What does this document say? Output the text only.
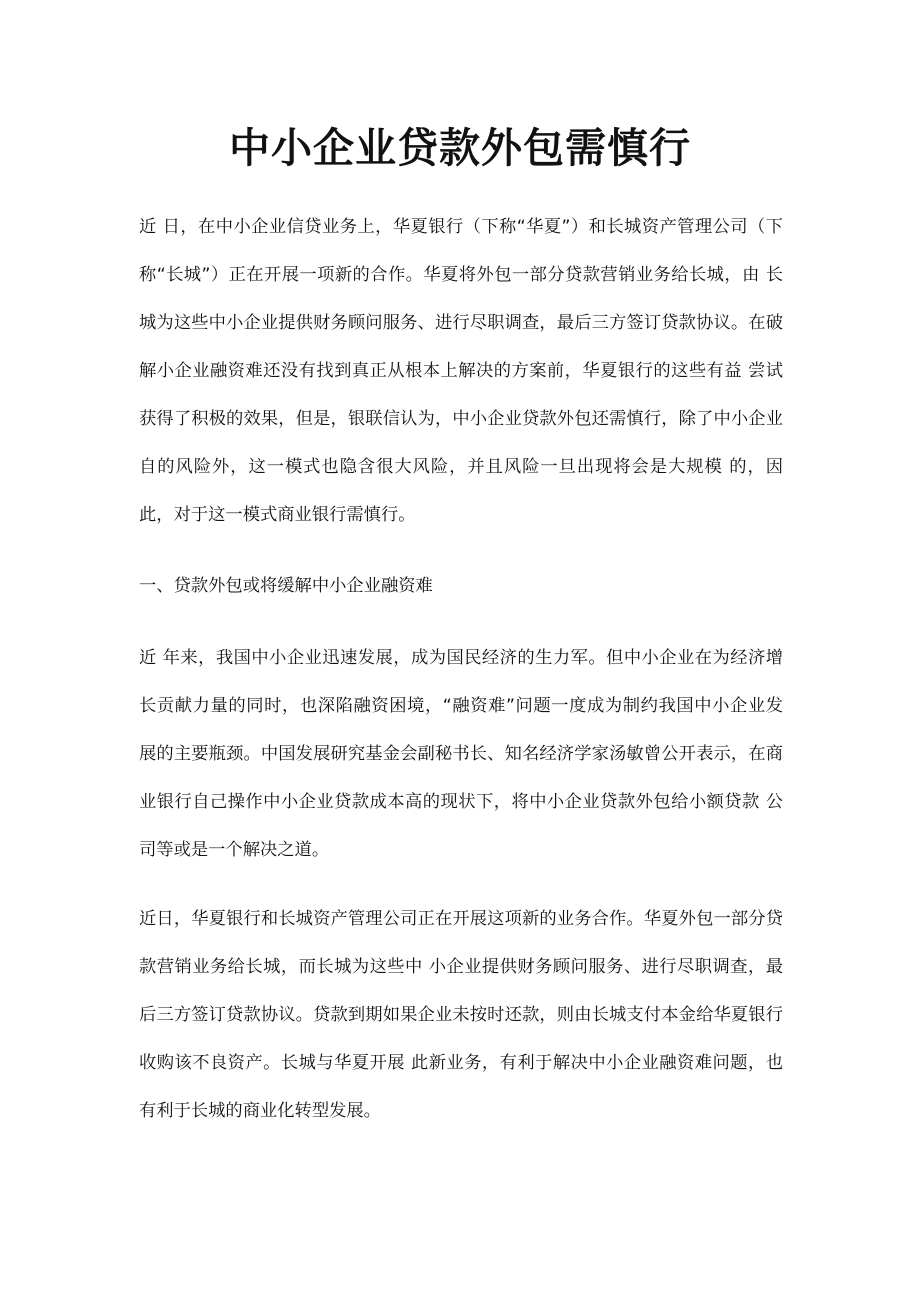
中小企业贷款外包需慎行

近 日，在中小企业信贷业务上，华夏银行（下称“华夏”）和长城资产管理公司（下称“长城”）正在开展一项新的合作。华夏将外包一部分贷款营销业务给长城，由 长城为这些中小企业提供财务顾问服务、进行尽职调查，最后三方签订贷款协议。在破解小企业融资难还没有找到真正从根本上解决的方案前，华夏银行的这些有益 尝试获得了积极的效果，但是，银联信认为，中小企业贷款外包还需慎行，除了中小企业自的风险外，这一模式也隐含很大风险，并且风险一旦出现将会是大规模 的，因此，对于这一模式商业银行需慎行。

一、贷款外包或将缓解中小企业融资难

近 年来，我国中小企业迅速发展，成为国民经济的生力军。但中小企业在为经济增长贡献力量的同时，也深陷融资困境，“融资难”问题一度成为制约我国中小企业发 展的主要瓶颈。中国发展研究基金会副秘书长、知名经济学家汤敏曾公开表示，在商业银行自己操作中小企业贷款成本高的现状下，将中小企业贷款外包给小额贷款 公司等或是一个解决之道。

近日，华夏银行和长城资产管理公司正在开展这项新的业务合作。华夏外包一部分贷款营销业务给长城，而长城为这些中 小企业提供财务顾问服务、进行尽职调查，最后三方签订贷款协议。贷款到期如果企业未按时还款，则由长城支付本金给华夏银行收购该不良资产。长城与华夏开展 此新业务，有利于解决中小企业融资难问题，也有利于长城的商业化转型发展。
